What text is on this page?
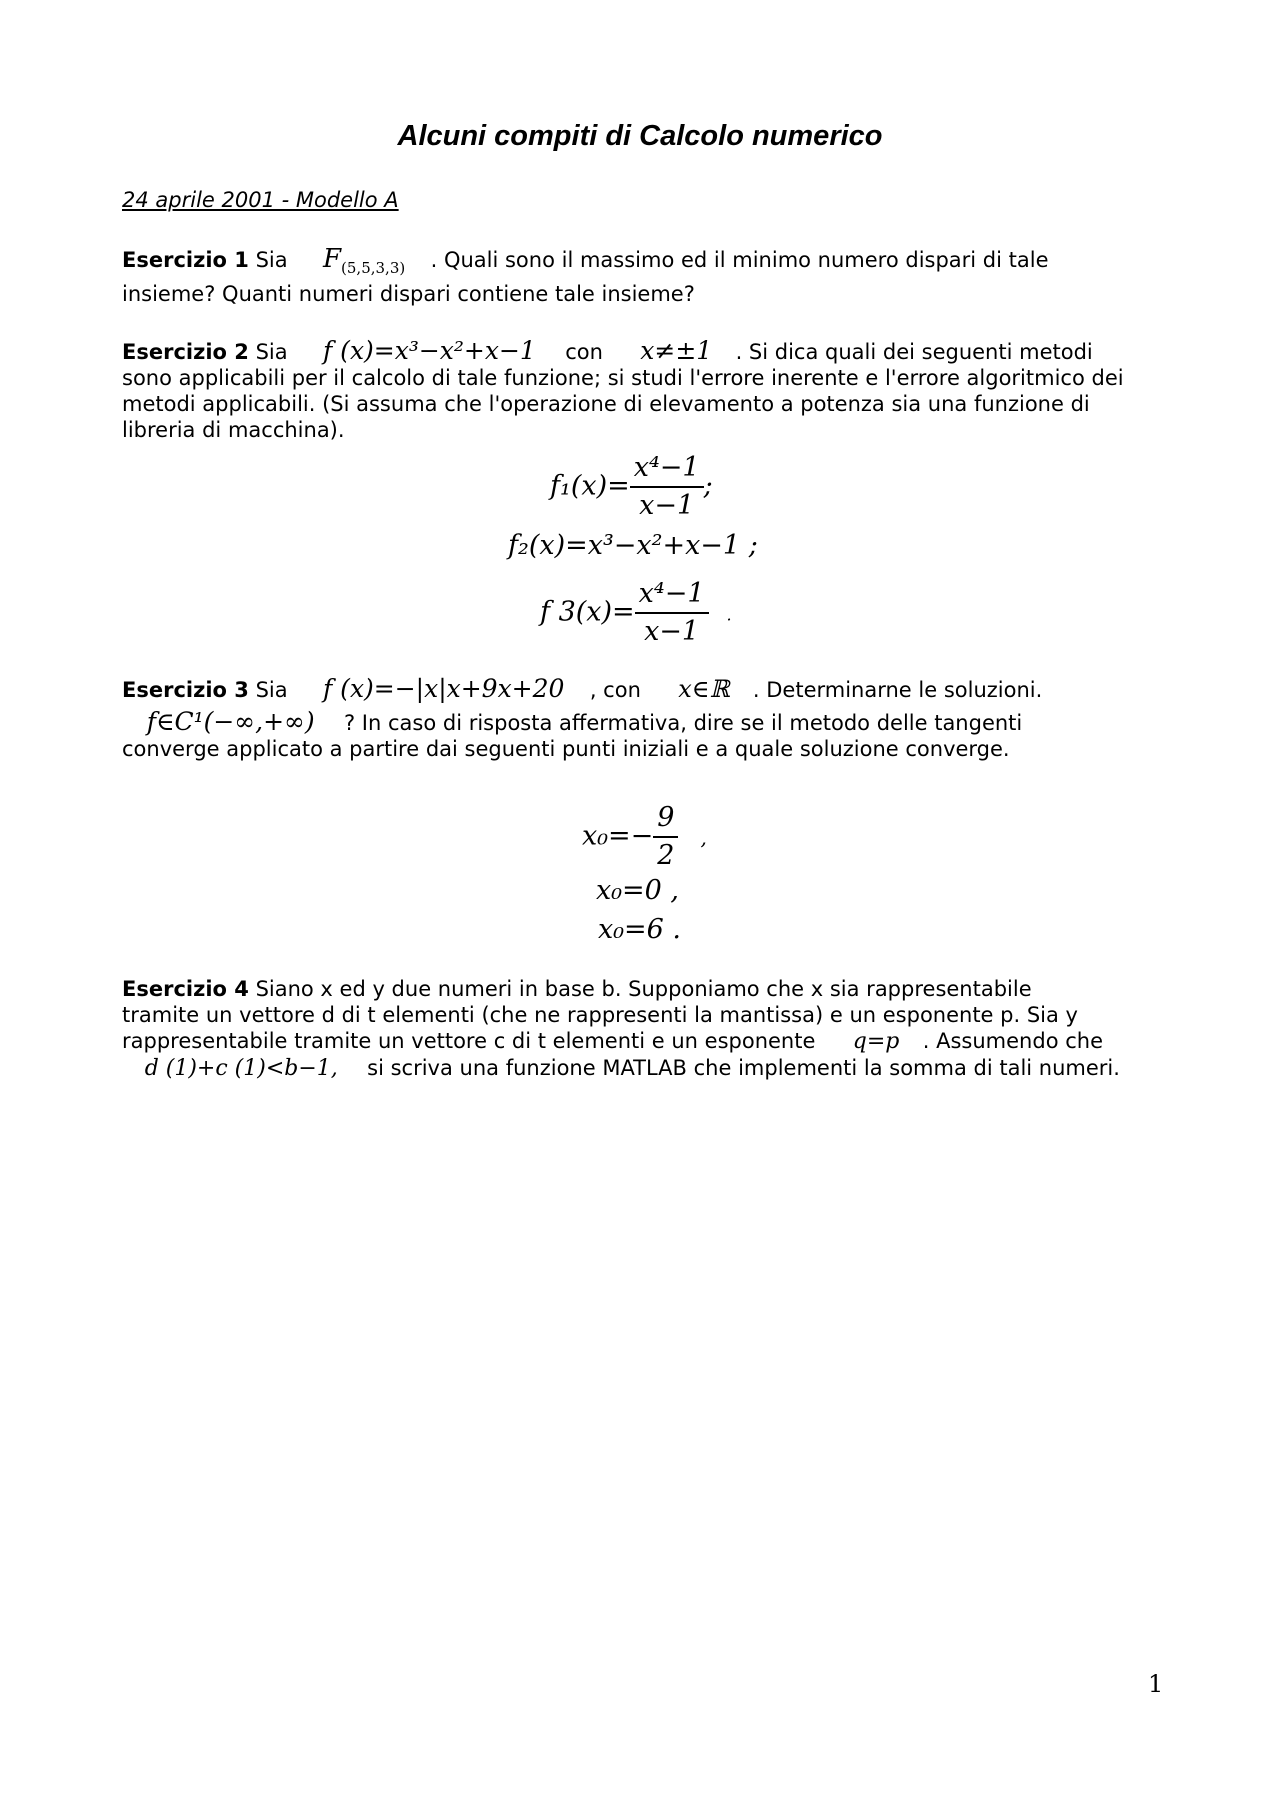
Alcuni compiti di Calcolo numerico
24 aprile 2001 - Modello A
Esercizio 1 Sia $F_{(5,5,3,3)}$ . Quali sono il massimo ed il minimo numero dispari di tale
insieme? Quanti numeri dispari contiene tale insieme?
Esercizio 2 Sia f (x)=x³−x²+x−1 con x≠±1 . Si dica quali dei seguenti metodi
sono applicabili per il calcolo di tale funzione; si studi l'errore inerente e l'errore algoritmico dei
metodi applicabili. (Si assuma che l'operazione di elevamento a potenza sia una funzione di
libreria di macchina).
$f_1(x)= \frac{\text{x⁴−1}}{x-1}$ ;
f₂(x)=x³−x²+x−1 ;
f $3(x)= \frac{\text{x⁴−1}}{x-1}$ .
Esercizio 3 Sia f (x)=−|x|x+9x+20 , con x∈ℝ . Determinarne le soluzioni.
f∈C¹(−∞,+∞) ? In caso di risposta affermativa, dire se il metodo delle tangenti
converge applicato a partire dai seguenti punti iniziali e a quale soluzione converge.
$x_0=- \frac{9}{2}$ ,
x₀=0 ,
x₀=6 .
Esercizio 4 Siano x ed y due numeri in base b. Supponiamo che x sia rappresentabile
tramite un vettore d di t elementi (che ne rappresenti la mantissa) e un esponente p. Sia y
rappresentabile tramite un vettore c di t elementi e un esponente q=p . Assumendo che
d (1)+c (1)<b−1, si scriva una funzione MATLAB che implementi la somma di tali numeri.
1
